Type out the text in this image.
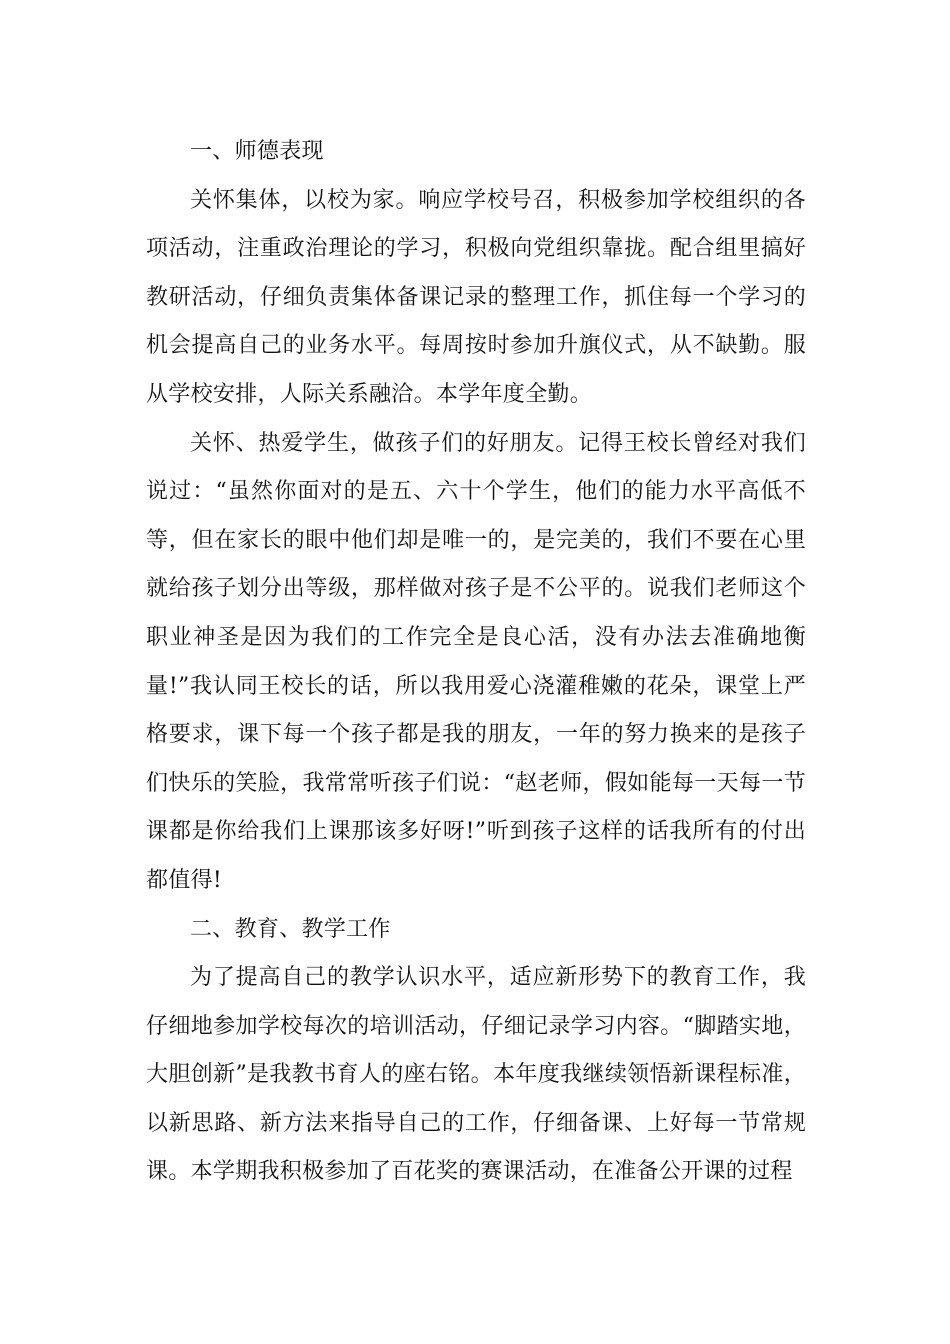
一、师德表现

关怀集体，以校为家。响应学校号召，积极参加学校组织的各项活动，注重政治理论的学习，积极向党组织靠拢。配合组里搞好教研活动，仔细负责集体备课记录的整理工作，抓住每一个学习的机会提高自己的业务水平。每周按时参加升旗仪式，从不缺勤。服从学校安排，人际关系融洽。本学年度全勤。

关怀、热爱学生，做孩子们的好朋友。记得王校长曾经对我们说过：“虽然你面对的是五、六十个学生，他们的能力水平高低不等，但在家长的眼中他们却是唯一的，是完美的，我们不要在心里就给孩子划分出等级，那样做对孩子是不公平的。说我们老师这个职业神圣是因为我们的工作完全是良心活，没有办法去准确地衡量!”我认同王校长的话，所以我用爱心浇灌稚嫩的花朵，课堂上严格要求，课下每一个孩子都是我的朋友，一年的努力换来的是孩子们快乐的笑脸，我常常听孩子们说：“赵老师，假如能每一天每一节课都是你给我们上课那该多好呀!”听到孩子这样的话我所有的付出都值得!

二、教育、教学工作

为了提高自己的教学认识水平，适应新形势下的教育工作，我仔细地参加学校每次的培训活动，仔细记录学习内容。“脚踏实地，大胆创新”是我教书育人的座右铭。本年度我继续领悟新课程标准，以新思路、新方法来指导自己的工作，仔细备课、上好每一节常规课。本学期我积极参加了百花奖的赛课活动，在准备公开课的过程
